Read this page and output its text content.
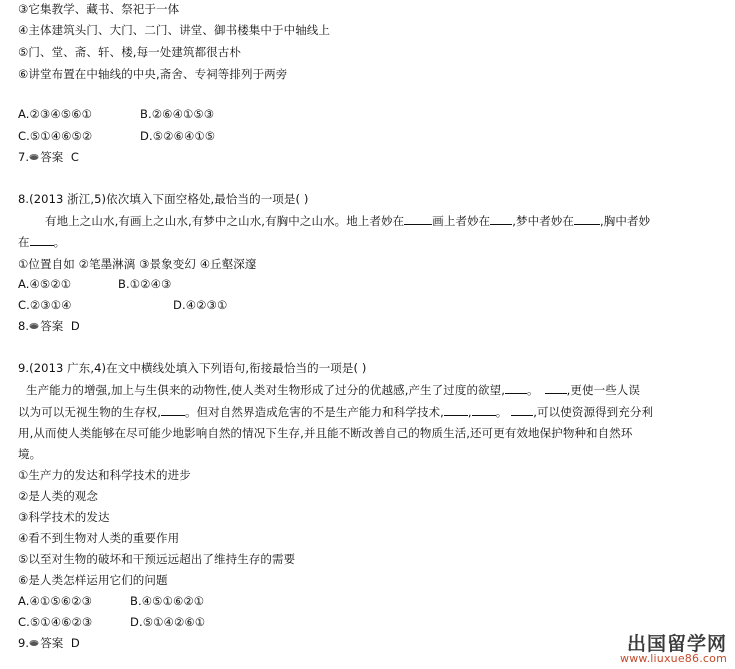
③它集教学、藏书、祭祀于一体
④主体建筑头门、大门、二门、讲堂、御书楼集中于中轴线上
⑤门、堂、斋、轩、楼,每一处建筑都很古朴
⑥讲堂布置在中轴线的中央,斋舍、专祠等排列于两旁
A.②③④⑤⑥①	B.②⑥④①⑤③
C.⑤①④⑥⑤②	D.⑤②⑥④①⑤
7. 答案 C
8.(2013 浙江,5)依次填入下面空格处,最恰当的一项是( )
有地上之山水,有画上之山水,有梦中之山水,有胸中之山水。地上者妙在 画上者妙在 ,梦中者妙在 ,胸中者妙
在 。
①位置自如 ②笔墨淋漓 ③景象变幻 ④丘壑深邃
A.④⑤②①	B.①②④③
C.②③①④	D.④②③①
8. 答案 D
9.(2013 广东,4)在文中横线处填入下列语句,衔接最恰当的一项是( )
生产能力的增强,加上与生俱来的动物性,使人类对生物形成了过分的优越感,产生了过度的欲望, 。 ,更使一些人误
以为可以无视生物的生存权, 。但对自然界造成危害的不是生产能力和科学技术, , 。 ,可以使资源得到充分利
用,从而使人类能够在尽可能少地影响自然的情况下生存,并且能不断改善自己的物质生活,还可更有效地保护物种和自然环
境。
①生产力的发达和科学技术的进步
②是人类的观念
③科学技术的发达
④看不到生物对人类的重要作用
⑤以至对生物的破坏和干预远远超出了维持生存的需要
⑥是人类怎样运用它们的问题
A.④①⑤⑥②③	B.④⑤①⑥②①
C.⑤①④⑥②③	D.⑤①④②⑥①
9. 答案 D	出国留学网
www.liuxue86.com
